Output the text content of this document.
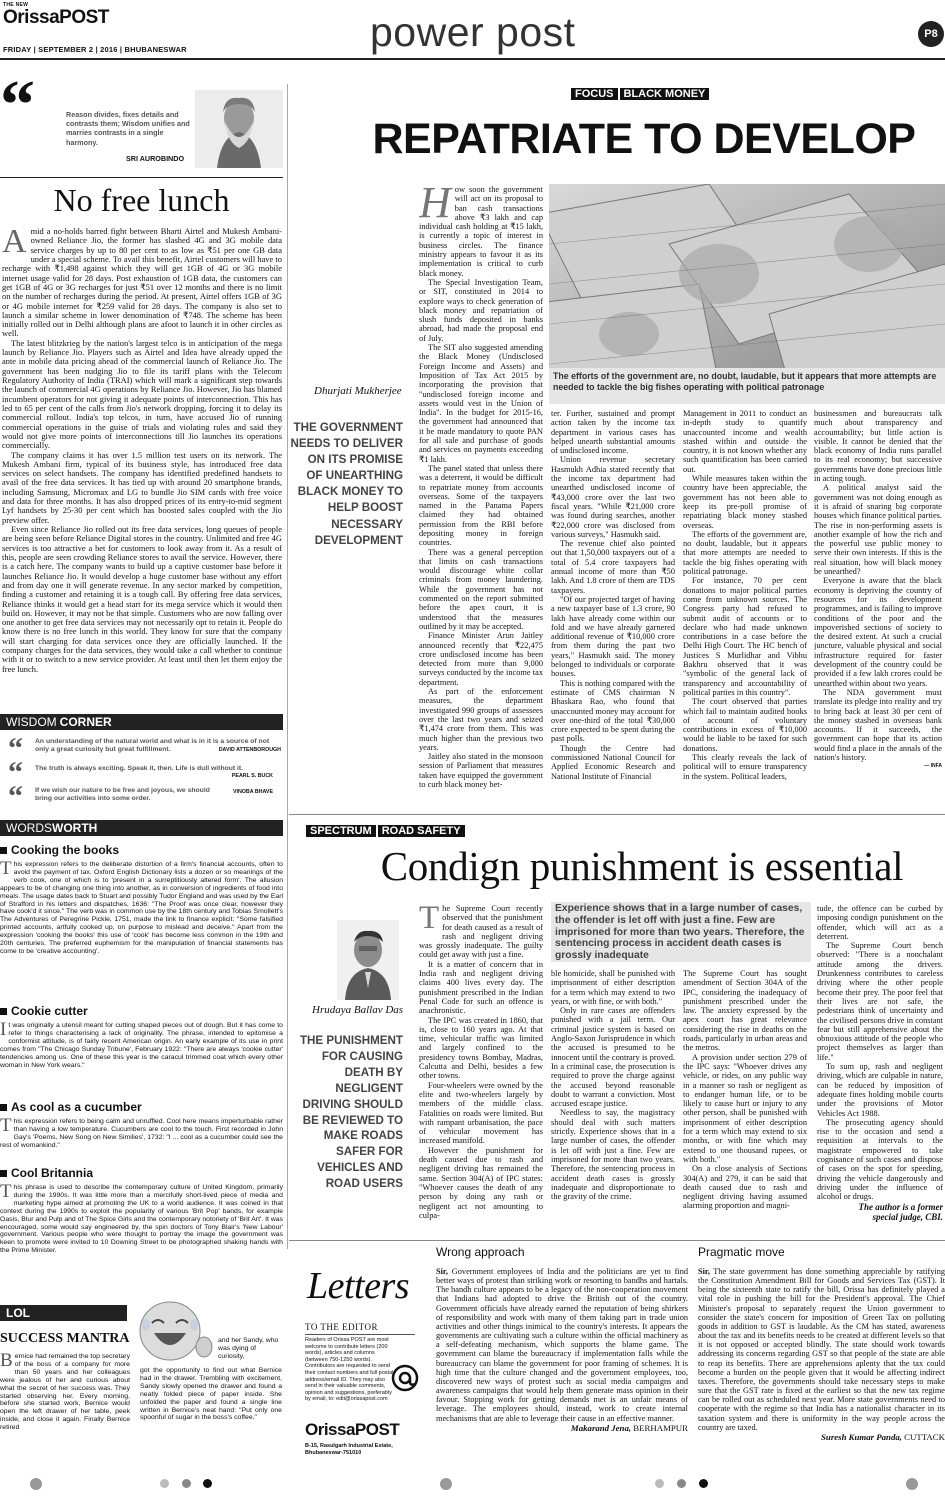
THE NEW
OrissaPOST
FRIDAY | SEPTEMBER 2 | 2016 | BHUBANESWAR	power post	P8
“	Reason divides, fixes details and contrasts them; Wisdom unifies and marries contrasts in a single harmony.
SRI AUROBINDO
No free lunch
A mid a no-holds barred fight between Bharti Airtel and Mukesh Ambani-owned Reliance Jio, the former has slashed 4G and 3G mobile data service charges by up to 80 per cent to as low as ₹51 per one GB data under a special scheme. To avail this benefit, Airtel customers will have to recharge with ₹1,498 against which they will get 1GB of 4G or 3G mobile internet usage valid for 28 days. Post exhaustion of 1GB data, the customers can get 1GB of 4G or 3G recharges for just ₹51 over 12 months and there is no limit on the number of recharges during the period. At present, Airtel offers 1GB of 3G or 4G mobile internet for ₹259 valid for 28 days. The company is also set to launch a similar scheme in lower denomination of ₹748. The scheme has been initially rolled out in Delhi although plans are afoot to launch it in other circles as well.

The latest blitzkrieg by the nation's largest telco is in anticipation of the mega launch by Reliance Jio. Players such as Airtel and Idea have already upped the ante in mobile data pricing ahead of the commercial launch of Reliance Jio. The government has been nudging Jio to file its tariff plans with the Telecom Regulatory Authority of India (TRAI) which will mark a significant step towards the launch of commercial 4G operations by Reliance Jio. However, Jio has blamed incumbent operators for not giving it adequate points of interconnection. This has led to 65 per cent of the calls from Jio's network dropping, forcing it to delay its commercial rollout. India's top telcos, in turn, have accused Jio of running commercial operations in the guise of trials and violating rules and said they would not give more points of interconnections till Jio launches its operations commercially.

The company claims it has over 1.5 million test users on its network. The Mukesh Ambani firm, typical of its business style, has introduced free data services on select handsets. The company has identified predefined handsets to avail of the free data services. It has tied up with around 20 smartphone brands, including Samsung, Micromax and LG to bundle Jio SIM cards with free voice and data for three months. It has also dropped prices of its entry-to-mid segment Lyf handsets by 25-30 per cent which has boosted sales coupled with the Jio preview offer.

Even since Reliance Jio rolled out its free data services, long queues of people are being seen before Reliance Digital stores in the country. Unlimited and free 4G services is too attractive a bet for customers to look away from it. As a result of this, people are seen crowding Reliance stores to avail the service. However, there is a catch here. The company wants to build up a captive customer base before it launches Reliance Jio. It would develop a huge customer base without any effort and from day one it will generate revenue. In any sector marked by competition, finding a customer and retaining it is a tough call. By offering free data services, Reliance thinks it would get a head start for its mega service which it would then build on. However, it may not be that simple. Customers who are now falling over one another to get free data services may not necessarily opt to retain it. People do know there is no free lunch in this world. They know for sure that the company will start charging for data services once they are officially launched. If the company charges for the data services, they would take a call whether to continue with it or to switch to a new service provider. At least until then let them enjoy the free lunch.

WISDOM CORNER
“ An understanding of the natural world and what is in it is a source of not only a great curiosity but great fulfillment.	DAVID ATTENBOROUGH
“ The truth is always exciting. Speak it, then. Life is dull without it.
PEARL S. BUCK
“ If we wish our nature to be free and joyous, we should bring our activities into some order.
VINOBA BHAVE
WORDSWORTH
Cooking the books
This expression refers to the deliberate distortion of a firm's financial accounts, often to avoid the payment of tax. Oxford English Dictionary lists a dozen or so meanings of the verb cook, one of which is to 'present in a surreptitiously altered form'. The allusion appears to be of changing one thing into another, as in conversion of ingredients of food into meals. The usage dates back to Stuart and possibly Tudor England and was used by the Earl of Strafford in his letters and dispatches, 1636: "The Proof was once clear, however they have cook'd it since." The verb was in common use by the 18th century and Tobias Smollett's The Adventures of Peregrine Pickle, 1751, made the link to finance explicit: "Some falsified printed accounts, artfully cooked up, on purpose to mislead and deceive." Apart from the expression 'cooking the books' this use of 'cook' has become less common in the 19th and 20th centuries. The preferred euphemism for the manipulation of financial statements has come to be 'creative accounting'.
Cookie cutter
It was originally a utensil meant for cutting shaped pieces out of dough. But it has come to refer to things characterising a lack of originality. The phrase, intended to epitomise a conformist attitude, is of fairly recent American origin. An early example of its use in print comes from "The Chicago Sunday Tribune', February 1922: "There are always 'cookie cutter' tendencies among us. One of these this year is the caracul trimmed coat which every other woman in New York wears."
As cool as a cucumber
This expression refers to being calm and unruffled. Cool here means imperturbable rather than having a low temperature. Cucumbers are cool to the touch. First recorded in John Gay's 'Poems, New Song on New Similies', 1732: "I ... cool as a cucumber could see the rest of womankind."
Cool Britannia
This phrase is used to describe the contemporary culture of United Kingdom, primarily during the 1990s. It was little more than a mercifully short-lived piece of media and marketing hype aimed at promoting the UK to a world audience. It was coined in that context during the 1990s to exploit the popularity of various 'Brit Pop' bands, for example Oasis, Blur and Pulp and of The Spice Girls and the contemporary notoriety of 'Brit Art'. It was encouraged, some would say engineered by, the spin doctors of Tony Blair's 'New Labour' government. Various people who were thought to portray the image the government was keen to promote were invited to 10 Downing Street to be photographed shaking hands with the Prime Minister.
LOL
SUCCESS MANTRA
Bernice had remained the top secretary of the boss of a company for more than 50 years and her colleagues were jealous of her and curious about what the secret of her success was. They started observing her. Every morning, before she started work, Bernice would open the left drawer of her table, peek inside, and close it again. Finally Bernice retired
and her Sandy, who was dying of curiosity,
got the opportunity to find out what Bernice had in the drawer. Trembling with excitement, Sandy slowly opened the drawer and found a neatly folded piece of paper inside. She unfolded the paper and found a single line written in Bernice's neat hand: "Put only one spoonful of sugar in the boss's coffee."
FOCUS BLACK MONEY
REPATRIATE TO DEVELOP
Dhurjati Mukherjee
THE GOVERNMENT NEEDS TO DELIVER ON ITS PROMISE OF UNEARTHING BLACK MONEY TO HELP BOOST NECESSARY DEVELOPMENT
H ow soon the government will act on its proposal to ban cash transactions above ₹3 lakh and cap individual cash holding at ₹15 lakh, is currently a topic of interest in business circles. The finance ministry appears to favour it as its implementation is critical to curb black money.

The Special Investigation Team, or SIT, constituted in 2014 to explore ways to check generation of black money and repatriation of slush funds deposited in banks abroad, had made the proposal end of July.

The SIT also suggested amending the Black Money (Undisclosed Foreign Income and Assets) and Imposition of Tax Act 2015 by incorporating the provision that "undisclosed foreign income and assets would vest in the Union of India". In the budget for 2015-16, the government had announced that it be made mandatory to quote PAN for all sale and purchase of goods and services on payments exceeding ₹1 lakh.

The panel stated that unless there was a deterrent, it would be difficult to repatriate money from accounts overseas. Some of the taxpayers named in the Panama Papers claimed they had obtained permission from the RBI before depositing money in foreign countries.

There was a general perception that limits on cash transactions would discourage white collar criminals from money laundering. While the government has not commented on the report submitted before the apex court, it is understood that the measures outlined by it may be accepted.

Finance Minister Arun Jaitley announced recently that ₹22,475 crore undisclosed income has been detected from more than 9,000 surveys conducted by the income tax department.

As part of the enforcement measures, the department investigated 990 groups of assessees over the last two years and seized ₹1,474 crore from them. This was much higher than the previous two years.

Jaitley also stated in the monsoon session of Parliament that measures taken have equipped the government to curb black money bet-

The efforts of the government are, no doubt, laudable, but it appears that more attempts are needed to tackle the big fishes operating with political patronage

ter. Further, sustained and prompt action taken by the income tax department in various cases has helped unearth substantial amounts of undisclosed income.

Union revenue secretary Hasmukh Adhia stated recently that the income tax department had unearthed undisclosed income of ₹43,000 crore over the last two fiscal years. "While ₹21,000 crore was found during searches, another ₹22,000 crore was disclosed from various surveys," Hasmukh said.

The revenue chief also pointed out that 1,50,000 taxpayers out of a total of 5.4 crore taxpayers had annual income of more than ₹50 lakh. And 1.8 crore of them are TDS taxpayers.

"Of our projected target of having a new taxpayer base of 1.3 crore, 90 lakh have already come within our fold and we have already garnered additional revenue of ₹10,000 crore from them during the past two years," Hasmukh said. The money belonged to individuals or corporate houses.

This is nothing compared with the estimate of CMS chairman N Bhaskara Rao, who found that unaccounted money may account for over one-third of the total ₹30,000 crore expected to be spent during the past polls.

Though the Centre had commissioned National Council for Applied Economic Research and National Institute of Financial

Management in 2011 to conduct an in-depth study to quantify unaccounted income and wealth stashed within and outside the country, it is not known whether any such quantification has been carried out.

While measures taken within the country have been appreciable, the government has not been able to keep its pre-poll promise of repatriating black money stashed overseas.

The efforts of the government are, no doubt, laudable, but it appears that more attempts are needed to tackle the big fishes operating with political patronage.

For instance, 70 per cent donations to major political parties come from unknown sources. The Congress party had refused to submit audit of accounts or to declare who had made unknown contributions in a case before the Delhi High Court. The HC bench of Justices S Murlidhar and Vibhu Bakhru observed that it was "symbolic of the general lack of transparency and accountability of political parties in this country".

The court observed that parties which fail to maintain audited books of account of voluntary contributions in excess of ₹10,000 would be liable to be taxed for such donations.

This clearly reveals the lack of political will to ensure transparency in the system. Political leaders,

businessmen and bureaucrats talk much about transparency and accountability; but little action is visible. It cannot be denied that the black economy of India runs parallel to its real economy; but successive governments have done precious little in acting tough.

A political analyst said the government was not doing enough as it is afraid of snaring big corporate houses which finance political parties. The rise in non-performing assets is another example of how the rich and the powerful use public money to serve their own interests. If this is the real situation, how will black money be unearthed?

Everyone is aware that the black economy is depriving the country of resources for its development programmes, and is failing to improve conditions of the poor and the impoverished sections of society to the desired extent. At such a crucial juncture, valuable physical and social infrastructure required for faster development of the country could be provided if a few lakh crores could be unearthed within about two years.

The NDA government must translate its pledge into reality and try to bring back at least 30 per cent of the money stashed in overseas bank accounts. If it succeeds, the government can hope that its action would find a place in the annals of the nation's history.

— INFA
SPECTRUM ROAD SAFETY
Condign punishment is essential
Hrudaya Ballav Das
THE PUNISHMENT FOR CAUSING DEATH BY NEGLIGENT DRIVING SHOULD BE REVIEWED TO MAKE ROADS SAFER FOR VEHICLES AND ROAD USERS
T he Supreme Court recently observed that the punishment for death caused as a result of rash and negligent driving was grossly inadequate. The guilty could get away with just a fine.

It is a matter of concern that in India rash and negligent driving claims 400 lives every day. The punishment prescribed in the Indian Penal Code for such an offence is anachronistic.

The IPC was created in 1860, that is, close to 160 years ago. At that time, vehicular traffic was limited and largely confined to the presidency towns Bombay, Madras, Calcutta and Delhi, besides a few other towns.

Four-wheelers were owned by the elite and two-wheelers largely by members of the middle class. Fatalities on roads were limited. But with rampant urbanisation, the pace of vehicular movement has increased manifold.

However the punishment for death caused due to rash and negligent driving has remained the same. Section 304(A) of IPC states: "Whoever causes the death of any person by doing any rash or negligent act not amounting to culpa-

Experience shows that in a large number of cases, the offender is let off with just a fine. Few are imprisoned for more than two years. Therefore, the sentencing process in accident death cases is grossly inadequate

ble homicide, shall be punished with imprisonment of either description for a term which may extend to two years, or with fine, or with both."

Only in rare cases are offenders punished with a jail term. Our criminal justice system is based on Anglo-Saxon Jurisprudence in which the accused is presumed to be innocent until the contrary is proved. In a criminal case, the prosecution is required to prove the charge against the accused beyond reasonable doubt to warrant a conviction. Most accused escape justice.

Needless to say, the magistracy should deal with such matters strictly. Experience shows that in a large number of cases, the offender is let off with just a fine. Few are imprisoned for more than two years. Therefore, the sentencing process in accident death cases is grossly inadequate and disproportionate to the gravity of the crime.

The Supreme Court has sought amendment of Section 304A of the IPC, considering the inadequacy of punishment prescribed under the law. The anxiety expressed by the apex court has great relevance considering the rise in deaths on the roads, particularly in urban areas and the metros.

A provision under section 279 of the IPC says: "Whoever drives any vehicle, or rides, on any public way in a manner so rash or negligent as to endanger human life, or to be likely to cause hurt or injury to any other person, shall be punished with imprisonment of either description for a term which may extend to six months, or with fine which may extend to one thousand rupees, or with both."

On a close analysis of Sections 304(A) and 279, it can be said that death caused due to rash and negligent driving having assumed alarming proportion and magni-

tude, the offence can be curbed by imposing condign punishment on the offender, which will act as a deterrent.

The Supreme Court bench observed: "There is a nonchalant attitude among the drivers. Drunkenness contributes to careless driving where the other people become their prey. The poor feel that their lives are not safe, the pedestrians think of uncertainty and the civilised persons drive in constant fear but still apprehensive about the obnoxious attitude of the people who project themselves as larger than life."

To sum up, rash and negligent driving, which are culpable in nature, can be reduced by imposition of adequate fines holding mobile courts under the provisions of Motor Vehicles Act 1988.

The prosecuting agency should rise to the occasion and send a requisition at intervals to the magistrate empowered to take cognisance of such cases and dispose of cases on the spot for speeding, driving the vehicle dangerously and driving under the influence of alcohol or drugs.

The author is a former
special judge, CBI.
Letters
TO THE EDITOR
Readers of Orissa POST are most welcome to contribute letters (200 words), articles and columns (between 750-1250 words). Contributors are requested to send their contact numbers and full postal address/email ID. They may also send in their valuable comments, opinion and suggestions, preferably by email, to: edit@orissapost.com
OrissaPOST
B-15, Rasulgarh Industrial Estate,
Bhubaneswar-751010
Wrong approach
Sir, Government employees of India and the politicians are yet to find better ways of protest than striking work or resorting to bandhs and hartals. The bandh culture appears to be a legacy of the non-cooperation movement that Indians had adopted to drive the British out of the country. Government officials have already earned the reputation of being shirkers of responsibility and work with many of them taking part in trade union activities and other things inimical to the country's interests. It appears the governments are cultivating such a culture within the official machinery as a self-defeating mechanism, which supports the blame game. The government can blame the bureaucracy if implementation falls while the bureaucracy can blame the government for poor framing of schemes. It is high time that the culture changed and the government employees, too, discovered new ways of protest such as social media campaigns and awareness campaigns that would help them generate mass opinion in their favour. Stopping work for getting demands met is an unfair means of leverage. The employees should, instead, work to create internal mechanisms that are able to leverage their cause in an effective manner.
Makarand Jena, BERHAMPUR
Pragmatic move
Sir, The state government has done something appreciable by ratifying the Constitution Amendment Bill for Goods and Services Tax (GST). It being the sixteenth state to ratify the bill, Orissa has definitely played a vital role in pushing the bill for the President's approval. The Chief Minister's proposal to separately request the Union government to consider the state's concern for imposition of Green Tax on polluting goods in addition to GST is laudable. As the CM has stated, awareness about the tax and its benefits needs to be created at different levels so that it is not opposed or accepted blindly. The state should work towards addressing its concerns regarding GST so that people of the state are able to reap its benefits. There are apprehensions aplenty that the tax could become a burden on the people given that it would be affecting indirect taxes. Therefore, the governments should take necessary steps to make sure that the GST rate is fixed at the earliest so that the new tax regime can be rolled out as scheduled next year. More state governments need to cooperate with the regime so that India has a nationalist character in its taxation system and there is uniformity in the way people across the country are taxed.
Suresh Kumar Panda, CUTTACK
